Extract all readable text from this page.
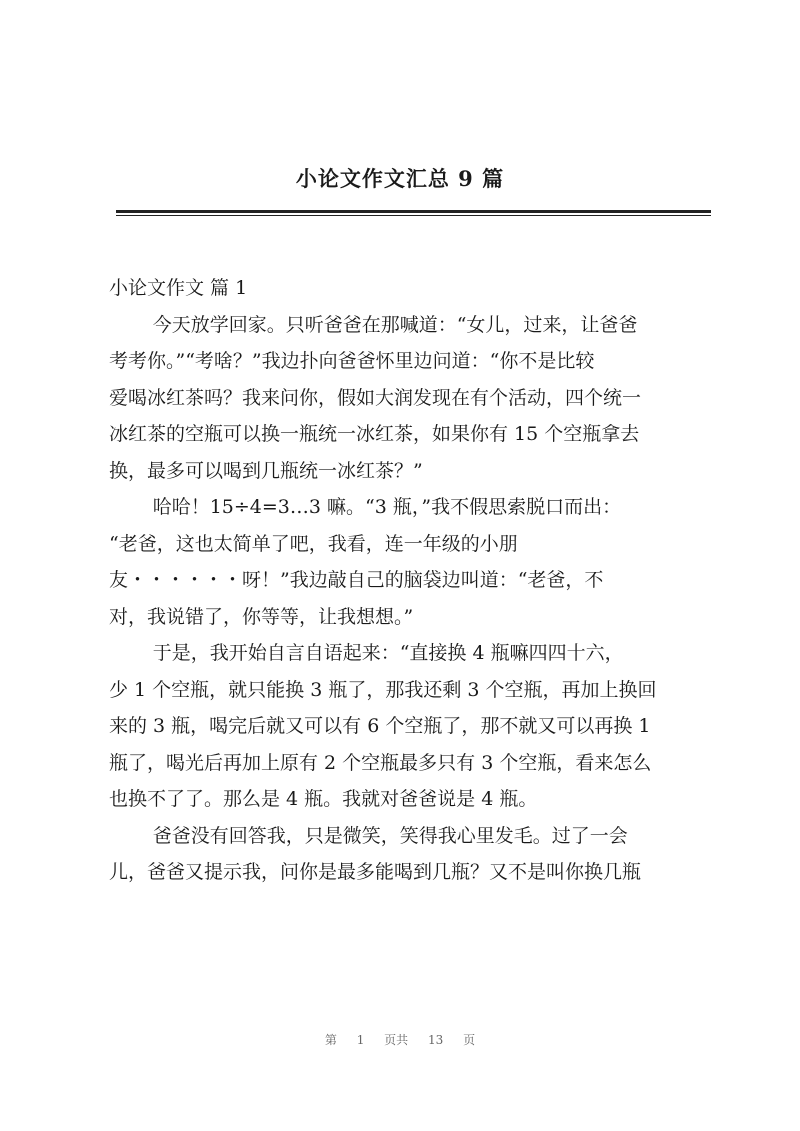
小论文作文汇总 9 篇
小论文作文 篇 1
今天放学回家。只听爸爸在那喊道：“女儿，过来，让爸爸
考考你。”“考啥？”我边扑向爸爸怀里边问道：“你不是比较
爱喝冰红茶吗？我来问你，假如大润发现在有个活动，四个统一
冰红茶的空瓶可以换一瓶统一冰红茶，如果你有 15 个空瓶拿去
换，最多可以喝到几瓶统一冰红茶？”
哈哈！15÷4=3…3 嘛。“3 瓶，”我不假思索脱口而出：
“老爸，这也太简单了吧，我看，连一年级的小朋
友・・・・・・呀！”我边敲自己的脑袋边叫道：“老爸，不
对，我说错了，你等等，让我想想。”
于是，我开始自言自语起来：“直接换 4 瓶嘛四四十六，
少 1 个空瓶，就只能换 3 瓶了，那我还剩 3 个空瓶，再加上换回
来的 3 瓶，喝完后就又可以有 6 个空瓶了，那不就又可以再换 1
瓶了，喝光后再加上原有 2 个空瓶最多只有 3 个空瓶，看来怎么
也换不了了。那么是 4 瓶。我就对爸爸说是 4 瓶。
爸爸没有回答我，只是微笑，笑得我心里发毛。过了一会
儿，爸爸又提示我，问你是最多能喝到几瓶？又不是叫你换几瓶
第 1 页共 13 页
